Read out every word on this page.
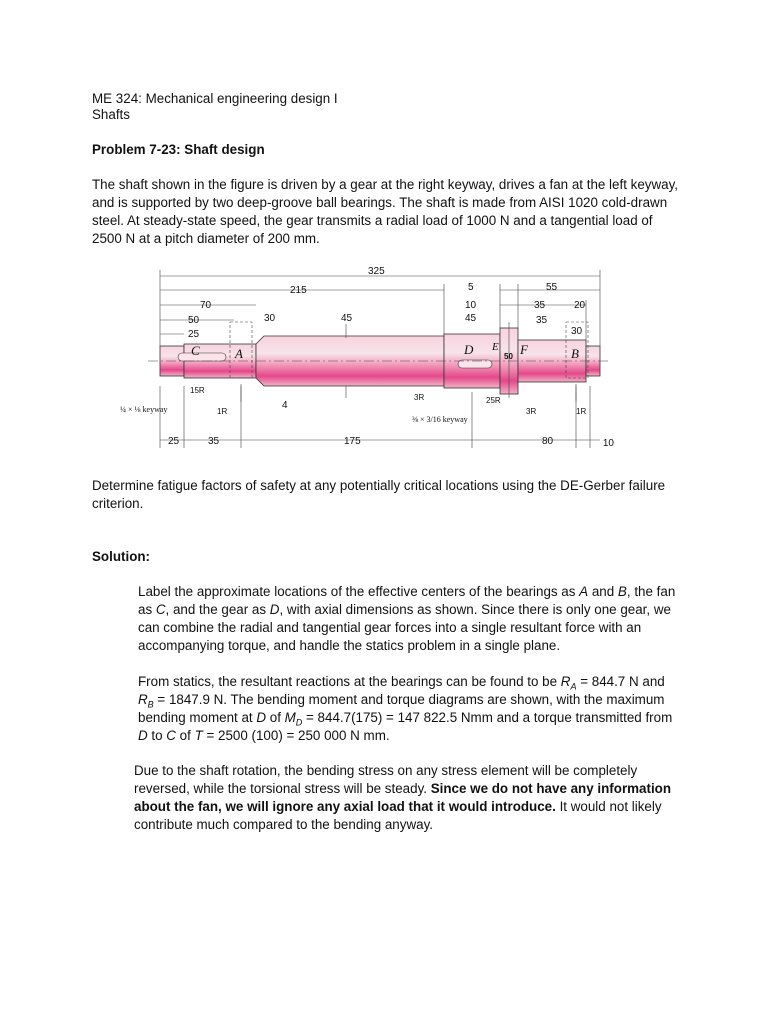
ME 324: Mechanical engineering design I

Shafts

Problem 7-23: Shaft design

The shaft shown in the figure is driven by a gear at the right keyway, drives a fan at the left keyway, and is supported by two deep-groove ball bearings. The shaft is made from AISI 1020 cold-drawn steel. At steady-state speed, the gear transmits a radial load of 1000 N and a tangential load of 2500 N at a pitch diameter of 200 mm.

325
215	5	55
70	10	35	20
50	30	45	45	35
25	30
C	A	D E F	B
50
15R
1R
4
3R	25R
3R	1R
¼ × ⅛ keyway
⅜ × 3/16 keyway
25	35	175	80	10

Determine fatigue factors of safety at any potentially critical locations using the DE-Gerber failure criterion.

Solution:

Label the approximate locations of the effective centers of the bearings as A and B, the fan as C, and the gear as D, with axial dimensions as shown. Since there is only one gear, we can combine the radial and tangential gear forces into a single resultant force with an accompanying torque, and handle the statics problem in a single plane.

From statics, the resultant reactions at the bearings can be found to be $R_A = 844.7$ N and $R_B = 1847.9$ N. The bending moment and torque diagrams are shown, with the maximum bending moment at D of $M_D = 844.7(175) = 147$ 822.5 Nmm and a torque transmitted from D to C of T = 2500 (100) = 250 000 N mm.

Due to the shaft rotation, the bending stress on any stress element will be completely reversed, while the torsional stress will be steady. Since we do not have any information about the fan, we will ignore any axial load that it would introduce. It would not likely contribute much compared to the bending anyway.
